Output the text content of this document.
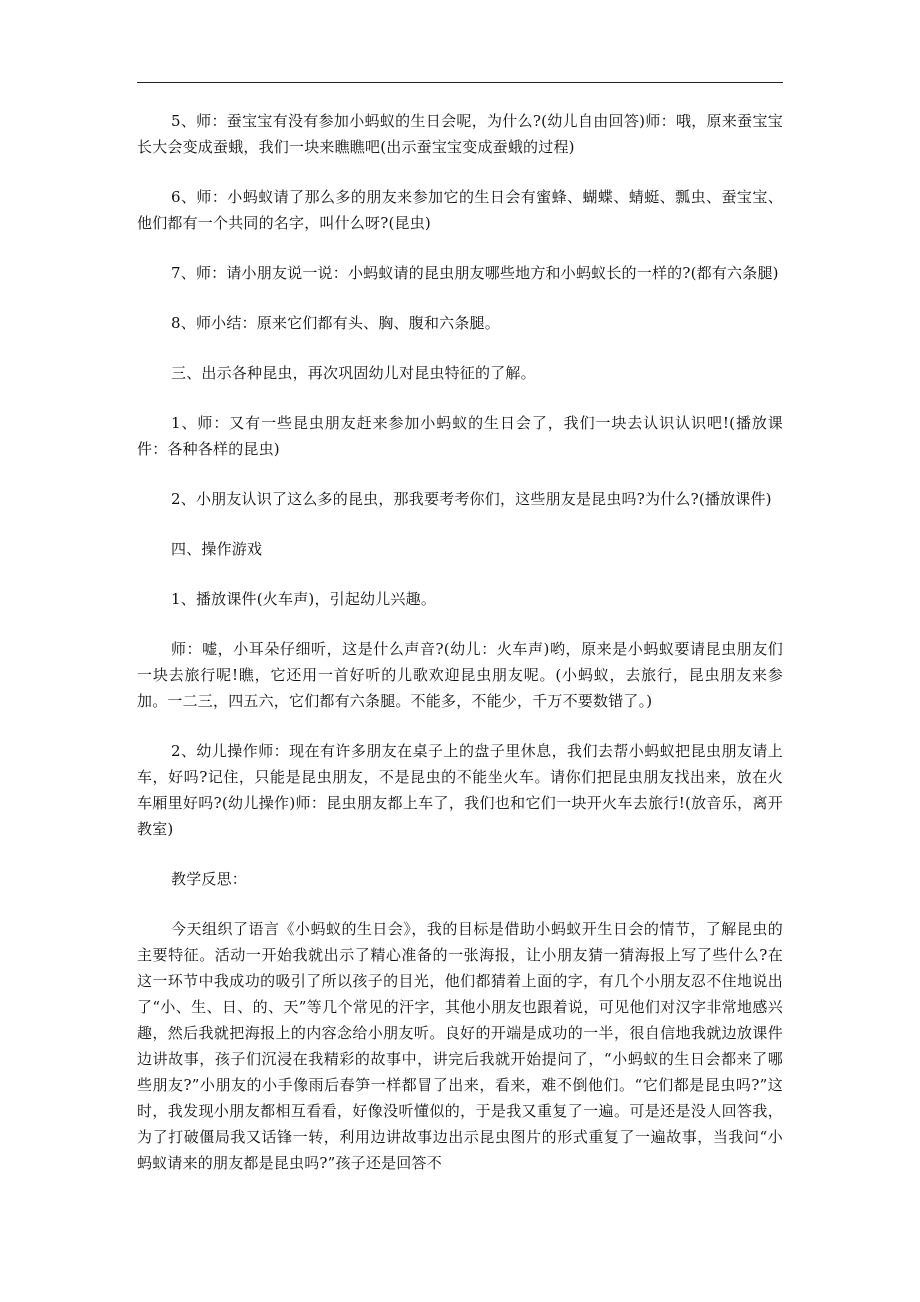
5、师：蚕宝宝有没有参加小蚂蚁的生日会呢，为什么?(幼儿自由回答)师：哦，原来蚕宝宝长大会变成蚕蛾，我们一块来瞧瞧吧(出示蚕宝宝变成蚕蛾的过程)

6、师：小蚂蚁请了那么多的朋友来参加它的生日会有蜜蜂、蝴蝶、蜻蜓、瓢虫、蚕宝宝、他们都有一个共同的名字，叫什么呀?(昆虫)

7、师：请小朋友说一说：小蚂蚁请的昆虫朋友哪些地方和小蚂蚁长的一样的?(都有六条腿)

8、师小结：原来它们都有头、胸、腹和六条腿。

三、出示各种昆虫，再次巩固幼儿对昆虫特征的了解。

1、师：又有一些昆虫朋友赶来参加小蚂蚁的生日会了，我们一块去认识认识吧!(播放课件：各种各样的昆虫)

2、小朋友认识了这么多的昆虫，那我要考考你们，这些朋友是昆虫吗?为什么?(播放课件)

四、操作游戏

1、播放课件(火车声)，引起幼儿兴趣。

师：嘘，小耳朵仔细听，这是什么声音?(幼儿：火车声)哟，原来是小蚂蚁要请昆虫朋友们一块去旅行呢!瞧，它还用一首好听的儿歌欢迎昆虫朋友呢。(小蚂蚁，去旅行，昆虫朋友来参加。一二三，四五六，它们都有六条腿。不能多，不能少，千万不要数错了。)

2、幼儿操作师：现在有许多朋友在桌子上的盘子里休息，我们去帮小蚂蚁把昆虫朋友请上车，好吗?记住，只能是昆虫朋友，不是昆虫的不能坐火车。请你们把昆虫朋友找出来，放在火车厢里好吗?(幼儿操作)师：昆虫朋友都上车了，我们也和它们一块开火车去旅行!(放音乐，离开教室)

教学反思：

今天组织了语言《小蚂蚁的生日会》，我的目标是借助小蚂蚁开生日会的情节，了解昆虫的主要特征。活动一开始我就出示了精心准备的一张海报，让小朋友猜一猜海报上写了些什么?在这一环节中我成功的吸引了所以孩子的目光，他们都猜着上面的字，有几个小朋友忍不住地说出了“小、生、日、的、天”等几个常见的汗字，其他小朋友也跟着说，可见他们对汉字非常地感兴趣，然后我就把海报上的内容念给小朋友听。良好的开端是成功的一半，很自信地我就边放课件边讲故事，孩子们沉浸在我精彩的故事中，讲完后我就开始提问了，“小蚂蚁的生日会都来了哪些朋友?”小朋友的小手像雨后春笋一样都冒了出来，看来，难不倒他们。“它们都是昆虫吗?”这时，我发现小朋友都相互看看，好像没听懂似的，于是我又重复了一遍。可是还是没人回答我，为了打破僵局我又话锋一转，利用边讲故事边出示昆虫图片的形式重复了一遍故事，当我问“小蚂蚁请来的朋友都是昆虫吗?”孩子还是回答不
